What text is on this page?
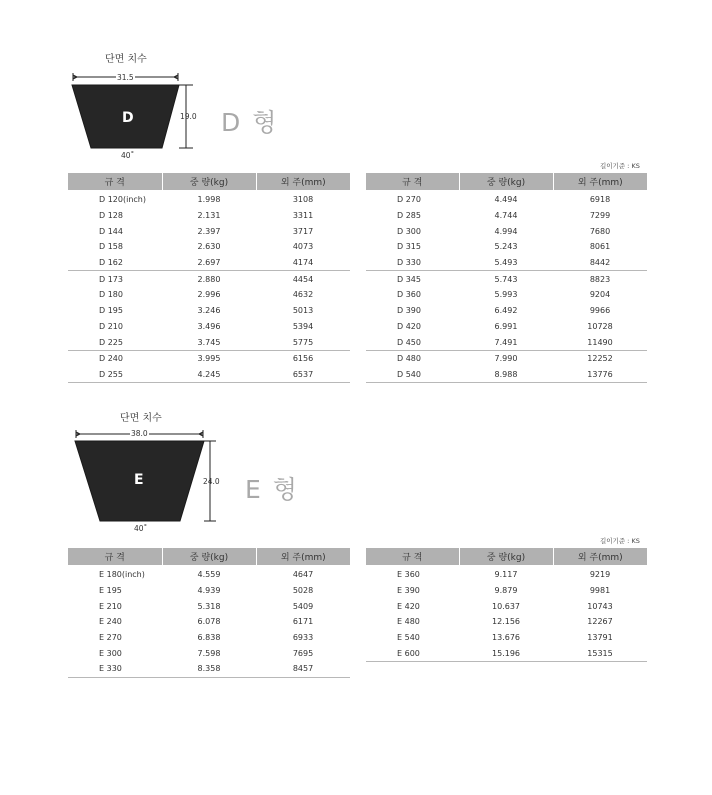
단면 치수
D
31.5
19.0
40˚
D 형
길이기준 : KS
규 격	중 량(kg)	외 주(mm)
D 120(inch)	1.998	3108
D 128	2.131	3311
D 144	2.397	3717
D 158	2.630	4073
D 162	2.697	4174
D 173	2.880	4454
D 180	2.996	4632
D 195	3.246	5013
D 210	3.496	5394
D 225	3.745	5775
D 240	3.995	6156
D 255	4.245	6537
규 격	중 량(kg)	외 주(mm)
D 270	4.494	6918
D 285	4.744	7299
D 300	4.994	7680
D 315	5.243	8061
D 330	5.493	8442
D 345	5.743	8823
D 360	5.993	9204
D 390	6.492	9966
D 420	6.991	10728
D 450	7.491	11490
D 480	7.990	12252
D 540	8.988	13776
단면 치수
E
38.0
24.0
40˚
E 형
길이기준 : KS
규 격	중 량(kg)	외 주(mm)
E 180(inch)	4.559	4647
E 195	4.939	5028
E 210	5.318	5409
E 240	6.078	6171
E 270	6.838	6933
E 300	7.598	7695
E 330	8.358	8457
규 격	중 량(kg)	외 주(mm)
E 360	9.117	9219
E 390	9.879	9981
E 420	10.637	10743
E 480	12.156	12267
E 540	13.676	13791
E 600	15.196	15315
